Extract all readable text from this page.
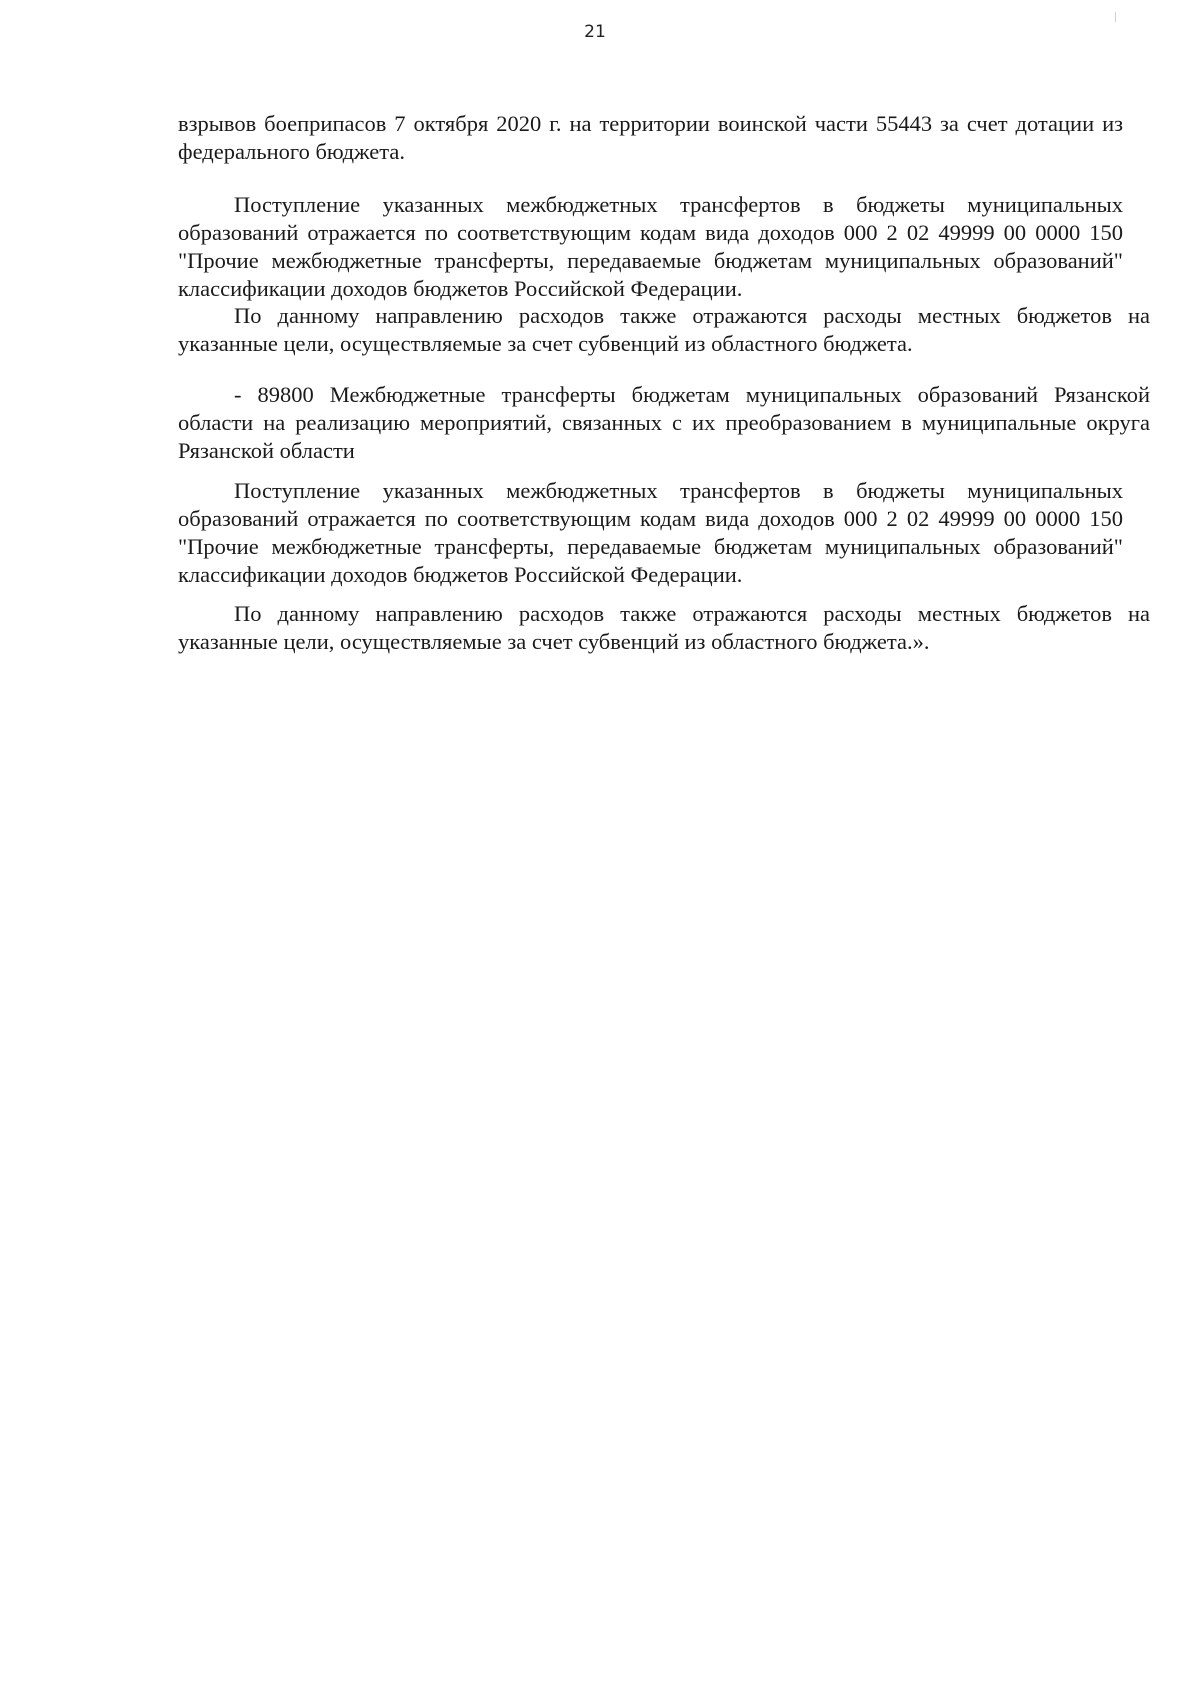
21

взрывов боеприпасов 7 октября 2020 г. на территории воинской части 55443 за счет дотации из федерального бюджета.

Поступление указанных межбюджетных трансфертов в бюджеты муниципальных образований отражается по соответствующим кодам вида доходов 000 2 02 49999 00 0000 150 "Прочие межбюджетные трансферты, передаваемые бюджетам муниципальных образований" классификации доходов бюджетов Российской Федерации.

По данному направлению расходов также отражаются расходы местных бюджетов на указанные цели, осуществляемые за счет субвенций из областного бюджета.

- 89800 Межбюджетные трансферты бюджетам муниципальных образований Рязанской области на реализацию мероприятий, связанных с их преобразованием в муниципальные округа Рязанской области

Поступление указанных межбюджетных трансфертов в бюджеты муниципальных образований отражается по соответствующим кодам вида доходов 000 2 02 49999 00 0000 150 "Прочие межбюджетные трансферты, передаваемые бюджетам муниципальных образований" классификации доходов бюджетов Российской Федерации.

По данному направлению расходов также отражаются расходы местных бюджетов на указанные цели, осуществляемые за счет субвенций из областного бюджета.».
